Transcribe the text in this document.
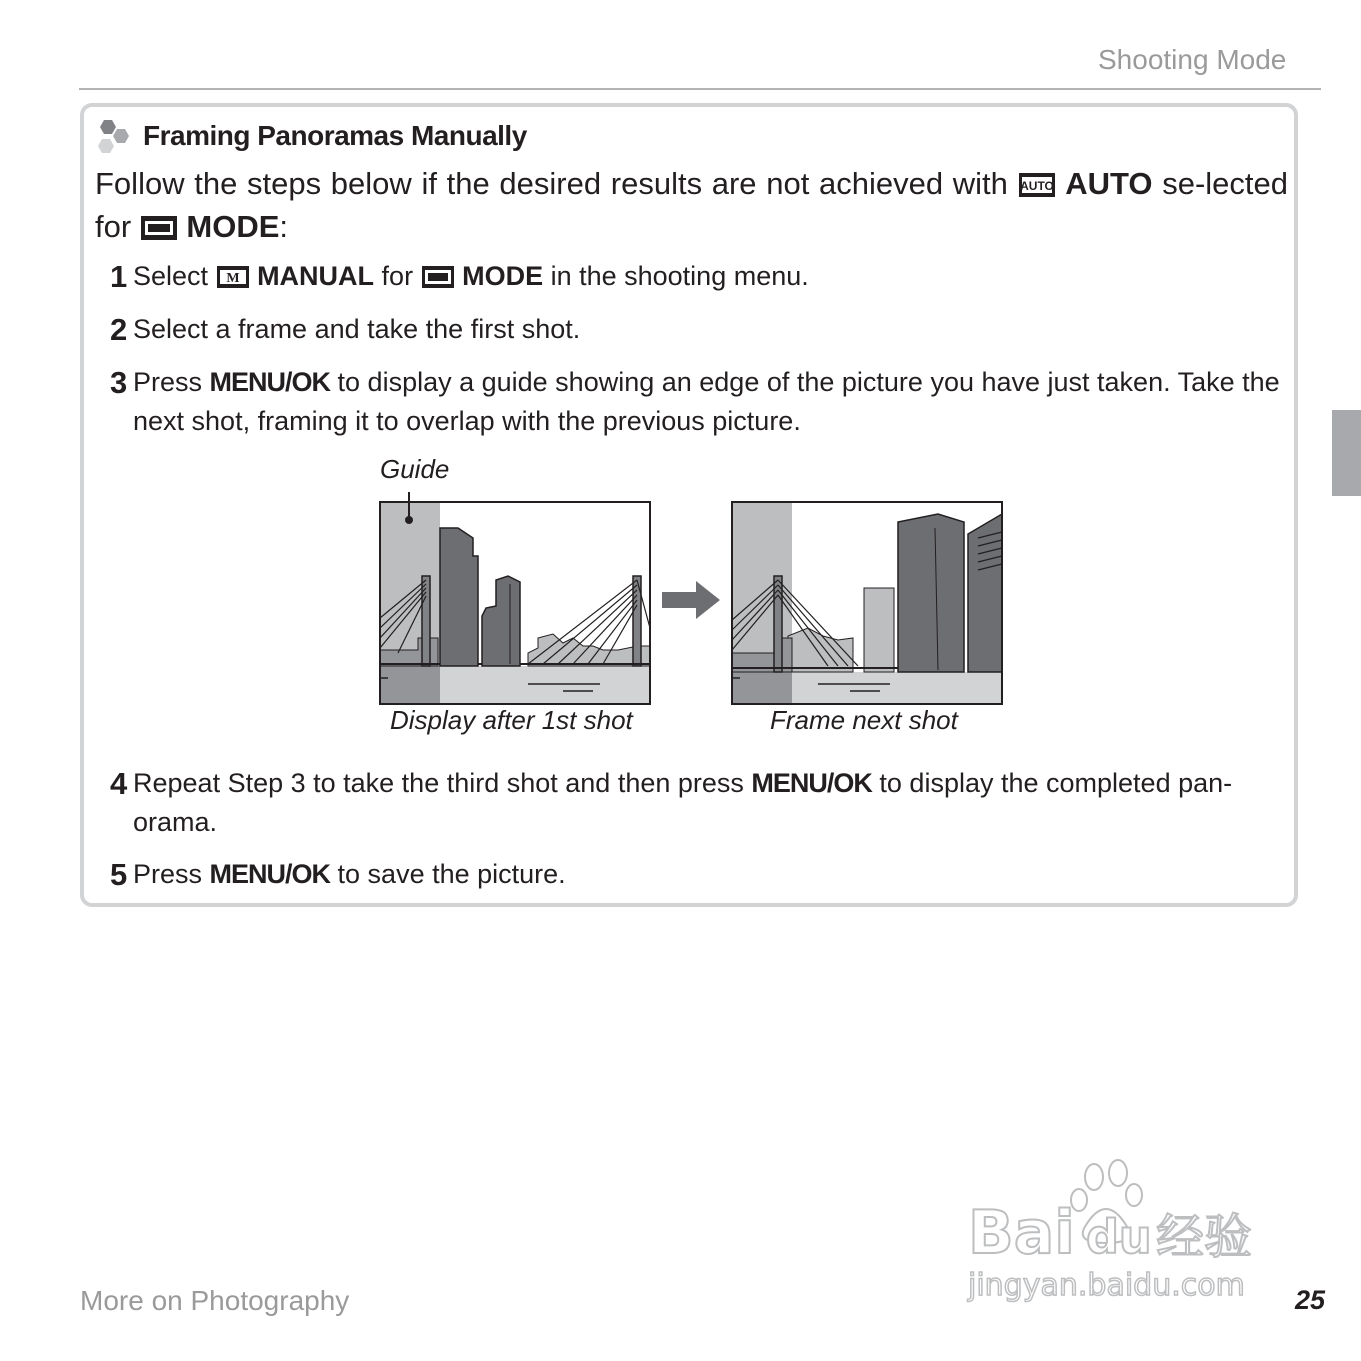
Shooting Mode
Framing Panoramas Manually
Follow the steps below if the desired results are not achieved with AUTO AUTO se-lected for  MODE:
1 Select M MANUAL for  MODE in the shooting menu.
2 Select a frame and take the first shot.
3 Press MENU/OK to display a guide showing an edge of the picture you have just taken. Take the next shot, framing it to overlap with the previous picture.
Guide
Display after 1st shot	Frame next shot
4 Repeat Step 3 to take the third shot and then press MENU/OK to display the completed pan-orama.
5 Press MENU/OK to save the picture.
Bai du 经验
jingyan.baidu.com
More on Photography	25
